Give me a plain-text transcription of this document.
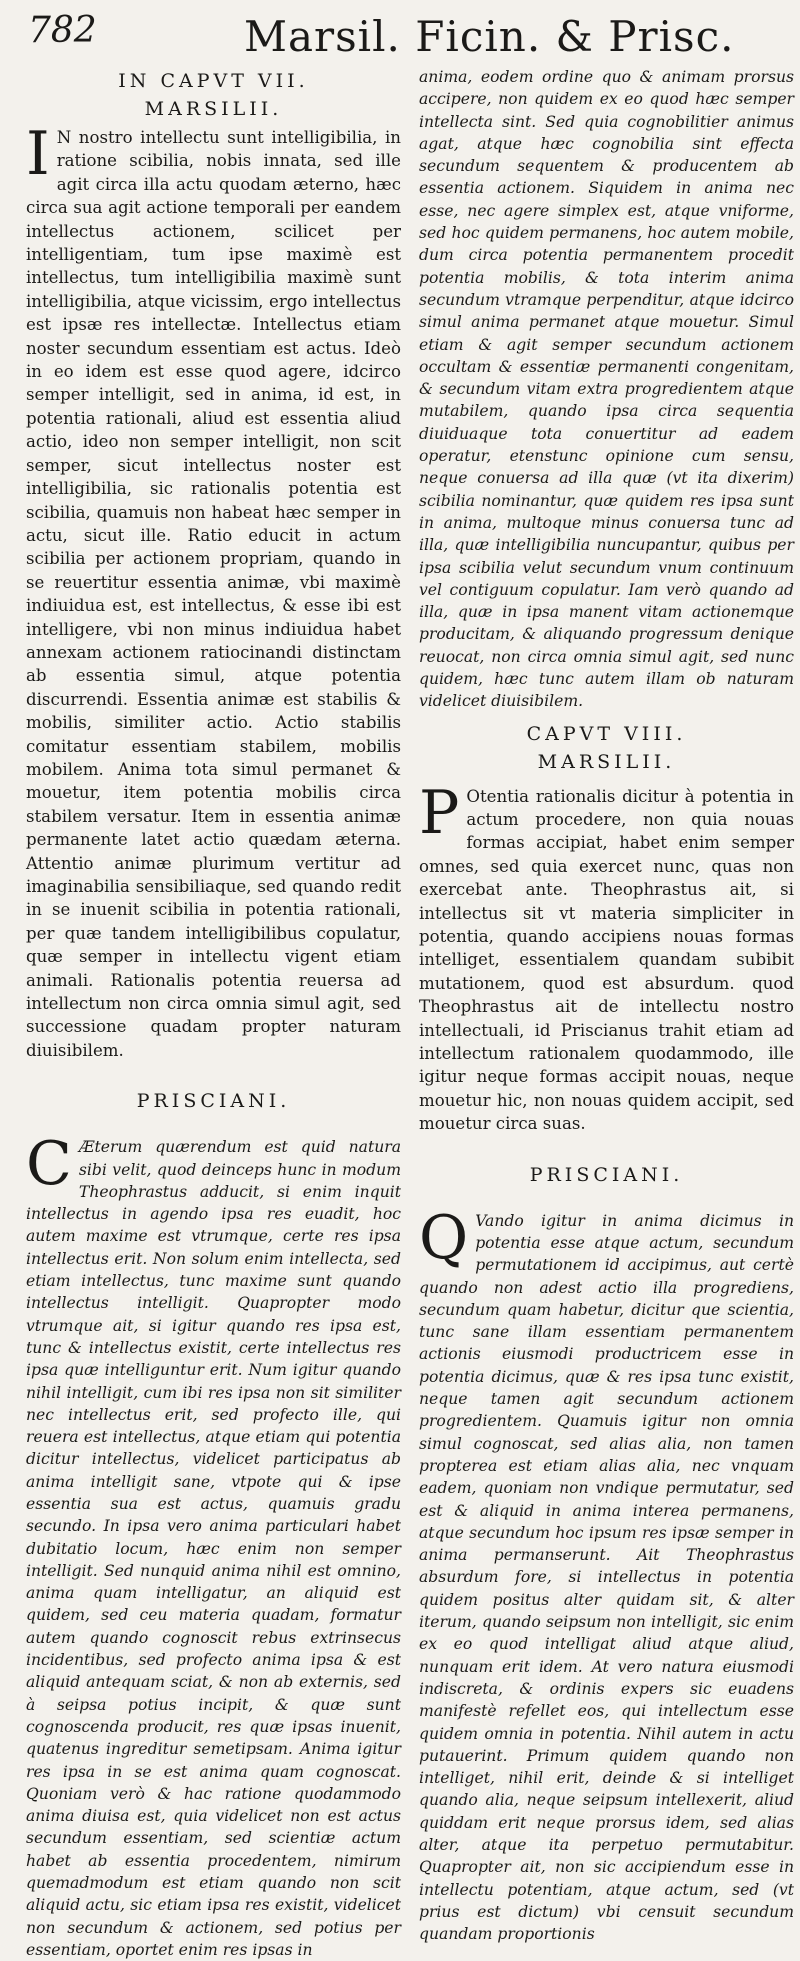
782	Marsil. Ficin. & Prisc.
IN CAPVT VII.
MARSILII.

I N nostro intellectu sunt intelligibilia, in ratione scibilia, nobis innata, sed ille agit circa illa actu quodam æterno, hæc circa sua agit actione temporali per eandem intellectus actionem, scilicet per intelligentiam, tum ipse maximè est intellectus, tum intelligibilia maximè sunt intelligibilia, atque vicissim, ergo intellectus est ipsæ res intellectæ. Intellectus etiam noster secundum essentiam est actus. Ideò in eo idem est esse quod agere, idcirco semper intelligit, sed in anima, id est, in potentia rationali, aliud est essentia aliud actio, ideo non semper intelligit, non scit semper, sicut intellectus noster est intelligibilia, sic rationalis potentia est scibilia, quamuis non habeat hæc semper in actu, sicut ille. Ratio educit in actum scibilia per actionem propriam, quando in se reuertitur essentia animæ, vbi maximè indiuidua est, est intellectus, & esse ibi est intelligere, vbi non minus indiuidua habet annexam actionem ratiocinandi distinctam ab essentia simul, atque potentia discurrendi. Essentia animæ est stabilis & mobilis, similiter actio. Actio stabilis comitatur essentiam stabilem, mobilis mobilem. Anima tota simul permanet & mouetur, item potentia mobilis circa stabilem versatur. Item in essentia animæ permanente latet actio quædam æterna. Attentio animæ plurimum vertitur ad imaginabilia sensibiliaque, sed quando redit in se inuenit scibilia in potentia rationali, per quæ tandem intelligibilibus copulatur, quæ semper in intellectu vigent etiam animali. Rationalis potentia reuersa ad intellectum non circa omnia simul agit, sed successione quadam propter naturam diuisibilem.

PRISCIANI.

C Æterum quærendum est quid natura sibi velit, quod deinceps hunc in modum Theophrastus adducit, si enim inquit intellectus in agendo ipsa res euadit, hoc autem maxime est vtrumque, certe res ipsa intellectus erit. Non solum enim intellecta, sed etiam intellectus, tunc maxime sunt quando intellectus intelligit. Quapropter modo vtrumque ait, si igitur quando res ipsa est, tunc & intellectus existit, certe intellectus res ipsa quæ intelliguntur erit. Num igitur quando nihil intelligit, cum ibi res ipsa non sit similiter nec intellectus erit, sed profecto ille, qui reuera est intellectus, atque etiam qui potentia dicitur intellectus, videlicet participatus ab anima intelligit sane, vtpote qui & ipse essentia sua est actus, quamuis gradu secundo. In ipsa vero anima particulari habet dubitatio locum, hæc enim non semper intelligit. Sed nunquid anima nihil est omnino, anima quam intelligatur, an aliquid est quidem, sed ceu materia quadam, formatur autem quando cognoscit rebus extrinsecus incidentibus, sed profecto anima ipsa & est aliquid antequam sciat, & non ab externis, sed à seipsa potius incipit, & quæ sunt cognoscenda producit, res quæ ipsas inuenit, quatenus ingreditur semetipsam. Anima igitur res ipsa in se est anima quam cognoscat. Quoniam verò & hac ratione quodammodo anima diuisa est, quia videlicet non est actus secundum essentiam, sed scientiæ actum habet ab essentia procedentem, nimirum quemadmodum est etiam quando non scit aliquid actu, sic etiam ipsa res existit, videlicet non secundum & actionem, sed potius per essentiam, oportet enim res ipsas in

anima, eodem ordine quo & animam prorsus accipere, non quidem ex eo quod hæc semper intellecta sint. Sed quia cognobilitier animus agat, atque hæc cognobilia sint effecta secundum sequentem & producentem ab essentia actionem. Siquidem in anima nec esse, nec agere simplex est, atque vniforme, sed hoc quidem permanens, hoc autem mobile, dum circa potentia permanentem procedit potentia mobilis, & tota interim anima secundum vtramque perpenditur, atque idcirco simul anima permanet atque mouetur. Simul etiam & agit semper secundum actionem occultam & essentiæ permanenti congenitam, & secundum vitam extra progredientem atque mutabilem, quando ipsa circa sequentia diuiduaque tota conuertitur ad eadem operatur, etenstunc opinione cum sensu, neque conuersa ad illa quæ (vt ita dixerim) scibilia nominantur, quæ quidem res ipsa sunt in anima, multoque minus conuersa tunc ad illa, quæ intelligibilia nuncupantur, quibus per ipsa scibilia velut secundum vnum continuum vel contiguum copulatur. Iam verò quando ad illa, quæ in ipsa manent vitam actionemque producitam, & aliquando progressum denique reuocat, non circa omnia simul agit, sed nunc quidem, hæc tunc autem illam ob naturam videlicet diuisibilem.

CAPVT VIII.
MARSILII.

P Otentia rationalis dicitur à potentia in actum procedere, non quia nouas formas accipiat, habet enim semper omnes, sed quia exercet nunc, quas non exercebat ante. Theophrastus ait, si intellectus sit vt materia simpliciter in potentia, quando accipiens nouas formas intelliget, essentialem quandam subibit mutationem, quod est absurdum. quod Theophrastus ait de intellectu nostro intellectuali, id Priscianus trahit etiam ad intellectum rationalem quodammodo, ille igitur neque formas accipit nouas, neque mouetur hic, non nouas quidem accipit, sed mouetur circa suas.

PRISCIANI.

Q Vando igitur in anima dicimus in potentia esse atque actum, secundum permutationem id accipimus, aut certè quando non adest actio illa progrediens, secundum quam habetur, dicitur que scientia, tunc sane illam essentiam permanentem actionis eiusmodi productricem esse in potentia dicimus, quæ & res ipsa tunc existit, neque tamen agit secundum actionem progredientem. Quamuis igitur non omnia simul cognoscat, sed alias alia, non tamen propterea est etiam alias alia, nec vnquam eadem, quoniam non vndique permutatur, sed est & aliquid in anima interea permanens, atque secundum hoc ipsum res ipsæ semper in anima permanserunt. Ait Theophrastus absurdum fore, si intellectus in potentia quidem positus alter quidam sit, & alter iterum, quando seipsum non intelligit, sic enim ex eo quod intelligat aliud atque aliud, nunquam erit idem. At vero natura eiusmodi indiscreta, & ordinis expers sic euadens manifestè refellet eos, qui intellectum esse quidem omnia in potentia. Nihil autem in actu putauerint. Primum quidem quando non intelliget, nihil erit, deinde & si intelliget quando alia, neque seipsum intellexerit, aliud quiddam erit neque prorsus idem, sed alias alter, atque ita perpetuo permutabitur. Quapropter ait, non sic accipiendum esse in intellectu potentiam, atque actum, sed (vt prius est dictum) vbi censuit secundum quandam proportionis
